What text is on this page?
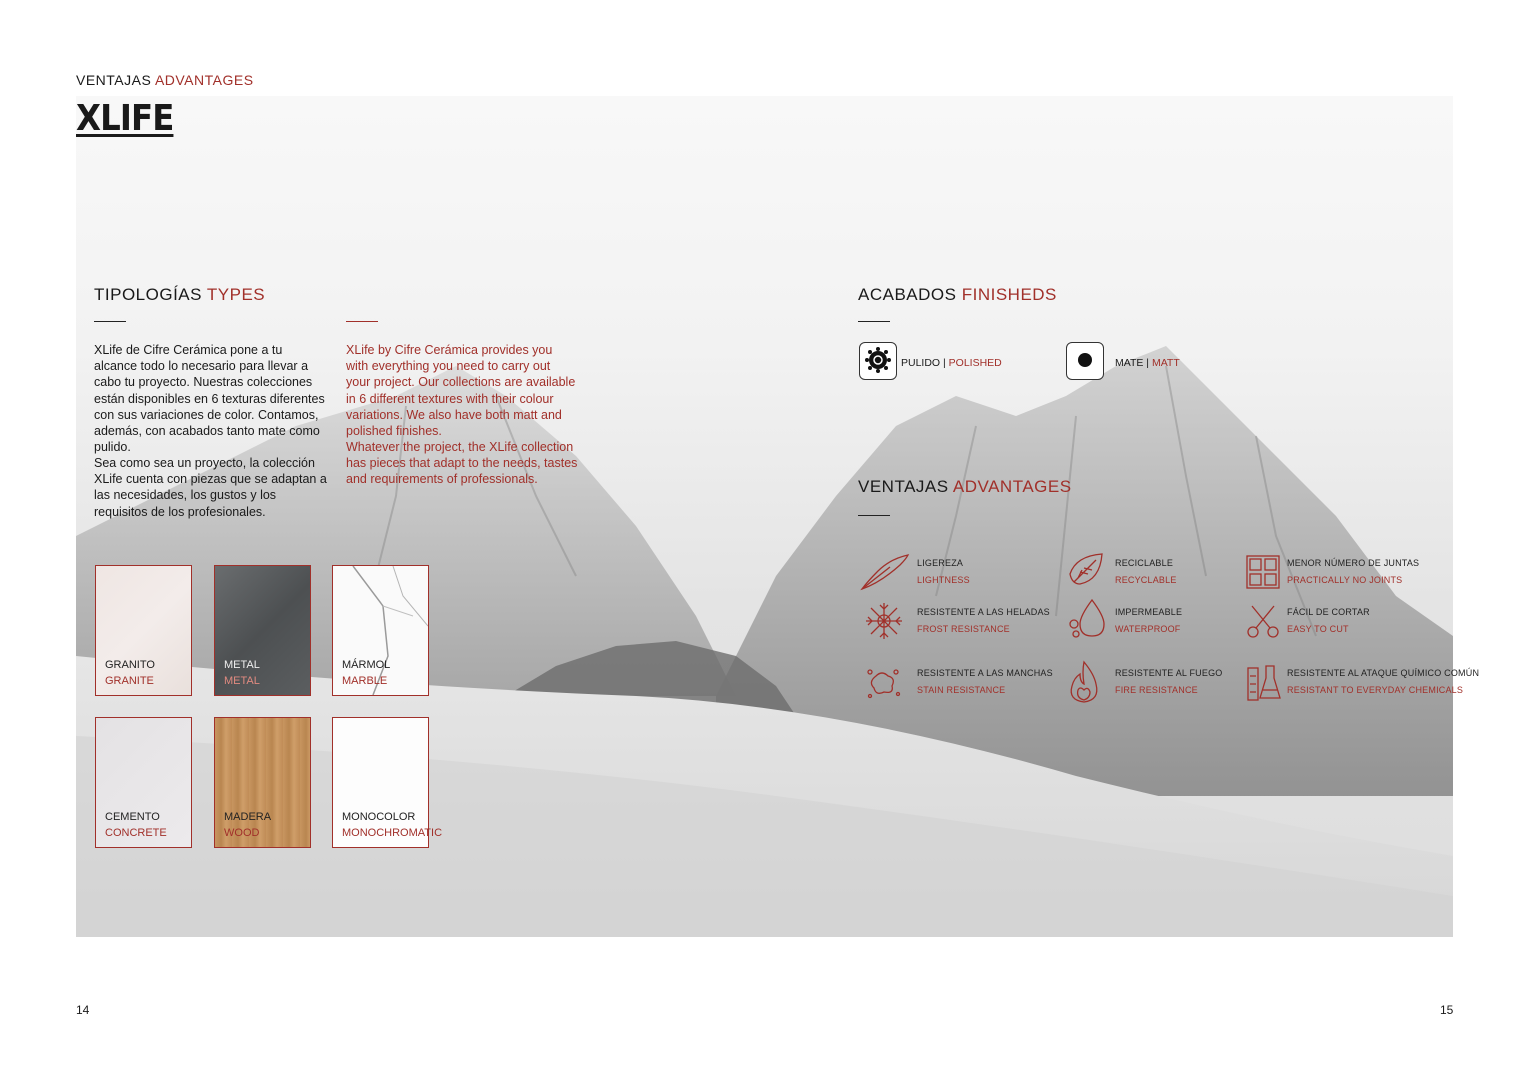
VENTAJAS ADVANTAGES
XLIFE
TIPOLOGÍAS TYPES
XLife de Cifre Cerámica pone a tu alcance todo lo necesario para llevar a cabo tu proyecto. Nuestras colecciones están disponibles en 6 texturas diferentes con sus variaciones de color. Contamos, además, con acabados tanto mate como pulido.
Sea como sea un proyecto, la colección XLife cuenta con piezas que se adaptan a las necesidades, los gustos y los requisitos de los profesionales.
XLife by Cifre Cerámica provides you with everything you need to carry out your project. Our collections are available in 6 different textures with their colour variations. We also have both matt and polished finishes.
Whatever the project, the XLife collection has pieces that adapt to the needs, tastes and requirements of professionals.
GRANITO
GRANITE
METAL
METAL
MÁRMOL
MARBLE
CEMENTO
CONCRETE
MADERA
WOOD
MONOCOLOR
MONOCHROMATIC
ACABADOS FINISHEDS
PULIDO | POLISHED	MATE | MATT
VENTAJAS ADVANTAGES
LIGEREZA
LIGHTNESS
RECICLABLE
RECYCLABLE
MENOR NÚMERO DE JUNTAS
PRACTICALLY NO JOINTS
RESISTENTE A LAS HELADAS
FROST RESISTANCE
IMPERMEABLE
WATERPROOF
FÁCIL DE CORTAR
EASY TO CUT
RESISTENTE A LAS MANCHAS
STAIN RESISTANCE
RESISTENTE AL FUEGO
FIRE RESISTANCE
RESISTENTE AL ATAQUE QUÍMICO COMÚN
RESISTANT TO EVERYDAY CHEMICALS
14	15
